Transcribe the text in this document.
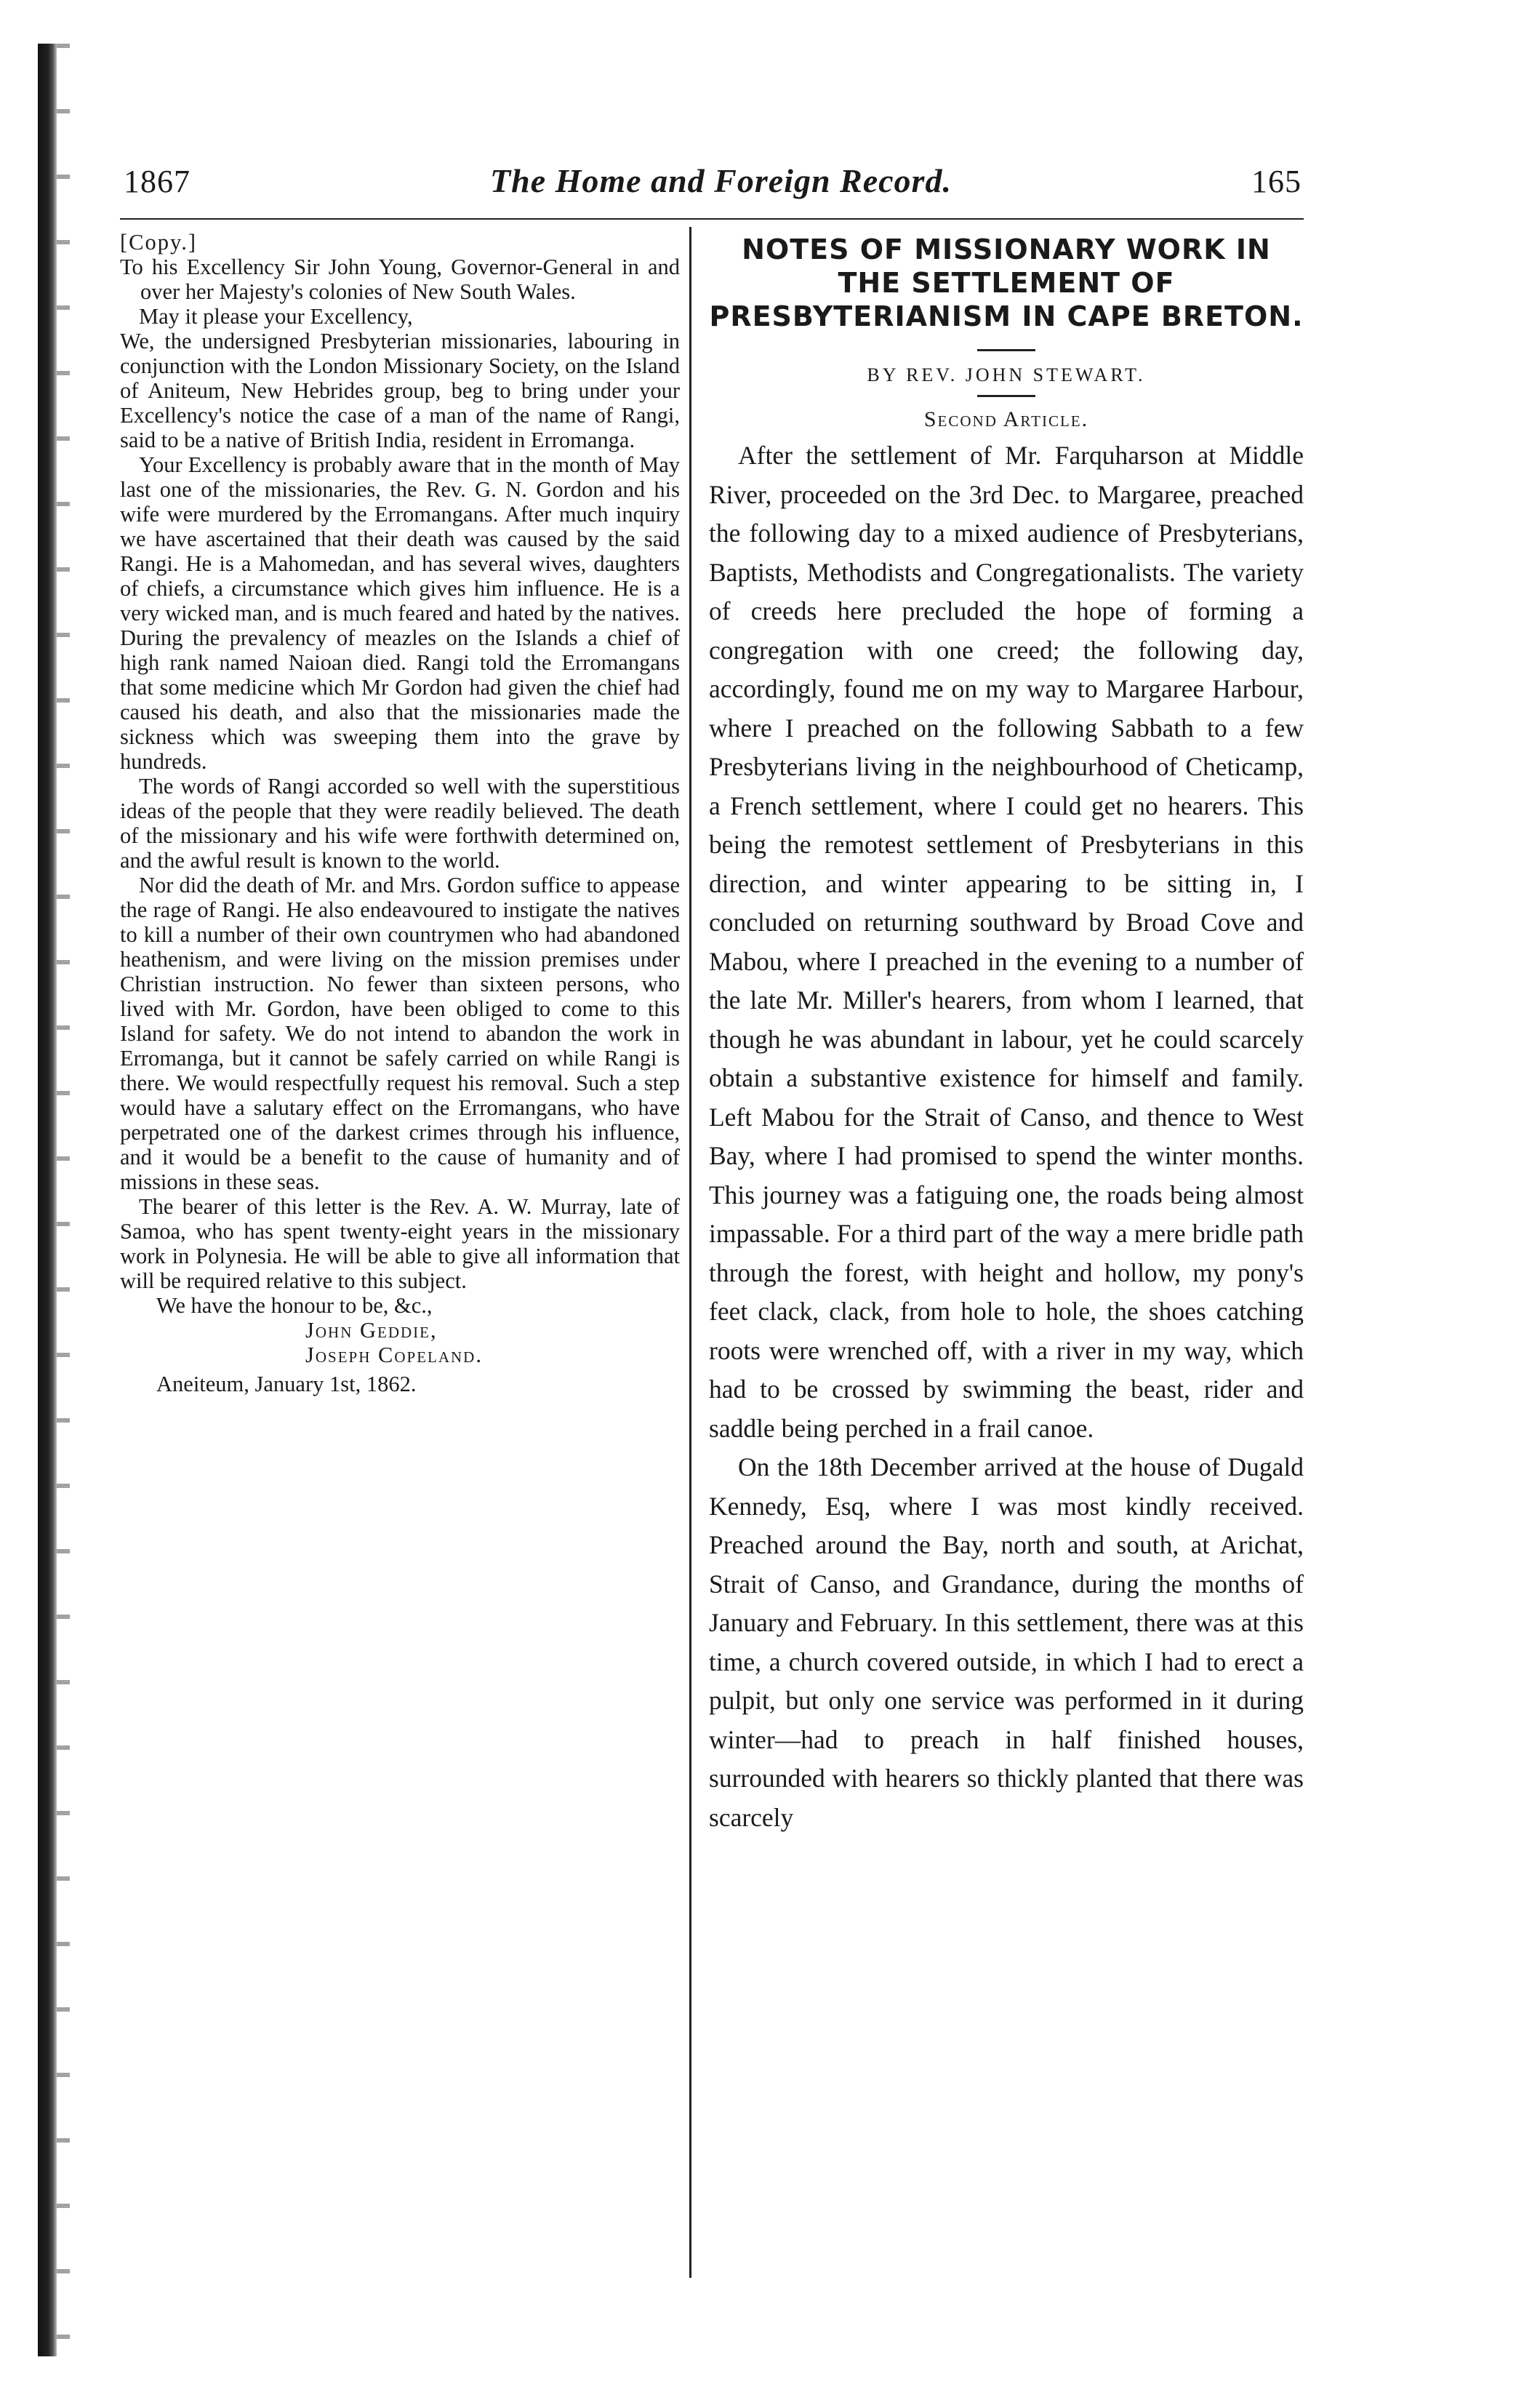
1867	The Home and Foreign Record.	165

[Copy.]

To his Excellency Sir John Young, Governor-General in and over her Majesty's colonies of New South Wales.

May it please your Excellency,

We, the undersigned Presbyterian missionaries, labouring in conjunction with the London Missionary Society, on the Island of Aniteum, New Hebrides group, beg to bring under your Excellency's notice the case of a man of the name of Rangi, said to be a native of British India, resident in Erromanga.

Your Excellency is probably aware that in the month of May last one of the missionaries, the Rev. G. N. Gordon and his wife were murdered by the Erromangans. After much inquiry we have ascertained that their death was caused by the said Rangi. He is a Mahomedan, and has several wives, daughters of chiefs, a circumstance which gives him influence. He is a very wicked man, and is much feared and hated by the natives. During the prevalency of meazles on the Islands a chief of high rank named Naioan died. Rangi told the Erromangans that some medicine which Mr Gordon had given the chief had caused his death, and also that the missionaries made the sickness which was sweeping them into the grave by hundreds.

The words of Rangi accorded so well with the superstitious ideas of the people that they were readily believed. The death of the missionary and his wife were forthwith determined on, and the awful result is known to the world.

Nor did the death of Mr. and Mrs. Gordon suffice to appease the rage of Rangi. He also endeavoured to instigate the natives to kill a number of their own countrymen who had abandoned heathenism, and were living on the mission premises under Christian instruction. No fewer than sixteen persons, who lived with Mr. Gordon, have been obliged to come to this Island for safety. We do not intend to abandon the work in Erromanga, but it cannot be safely carried on while Rangi is there. We would respectfully request his removal. Such a step would have a salutary effect on the Erromangans, who have perpetrated one of the darkest crimes through his influence, and it would be a benefit to the cause of humanity and of missions in these seas.

The bearer of this letter is the Rev. A. W. Murray, late of Samoa, who has spent twenty-eight years in the missionary work in Polynesia. He will be able to give all information that will be required relative to this subject.

We have the honour to be, &c.,

John Geddie,

Joseph Copeland.

Aneiteum, January 1st, 1862.

NOTES OF MISSIONARY WORK IN THE SETTLEMENT OF PRESBYTERIANISM IN CAPE BRETON.

BY REV. JOHN STEWART.

Second Article.

After the settlement of Mr. Farquharson at Middle River, proceeded on the 3rd Dec. to Margaree, preached the following day to a mixed audience of Presbyterians, Baptists, Methodists and Congregationalists. The variety of creeds here precluded the hope of forming a congregation with one creed; the following day, accordingly, found me on my way to Margaree Harbour, where I preached on the following Sabbath to a few Presbyterians living in the neighbourhood of Cheticamp, a French settlement, where I could get no hearers. This being the remotest settlement of Presbyterians in this direction, and winter appearing to be sitting in, I concluded on returning southward by Broad Cove and Mabou, where I preached in the evening to a number of the late Mr. Miller's hearers, from whom I learned, that though he was abundant in labour, yet he could scarcely obtain a substantive existence for himself and family. Left Mabou for the Strait of Canso, and thence to West Bay, where I had promised to spend the winter months. This journey was a fatiguing one, the roads being almost impassable. For a third part of the way a mere bridle path through the forest, with height and hollow, my pony's feet clack, clack, from hole to hole, the shoes catching roots were wrenched off, with a river in my way, which had to be crossed by swimming the beast, rider and saddle being perched in a frail canoe.

On the 18th December arrived at the house of Dugald Kennedy, Esq, where I was most kindly received. Preached around the Bay, north and south, at Arichat, Strait of Canso, and Grandance, during the months of January and February. In this settlement, there was at this time, a church covered outside, in which I had to erect a pulpit, but only one service was performed in it during winter—had to preach in half finished houses, surrounded with hearers so thickly planted that there was scarcely
